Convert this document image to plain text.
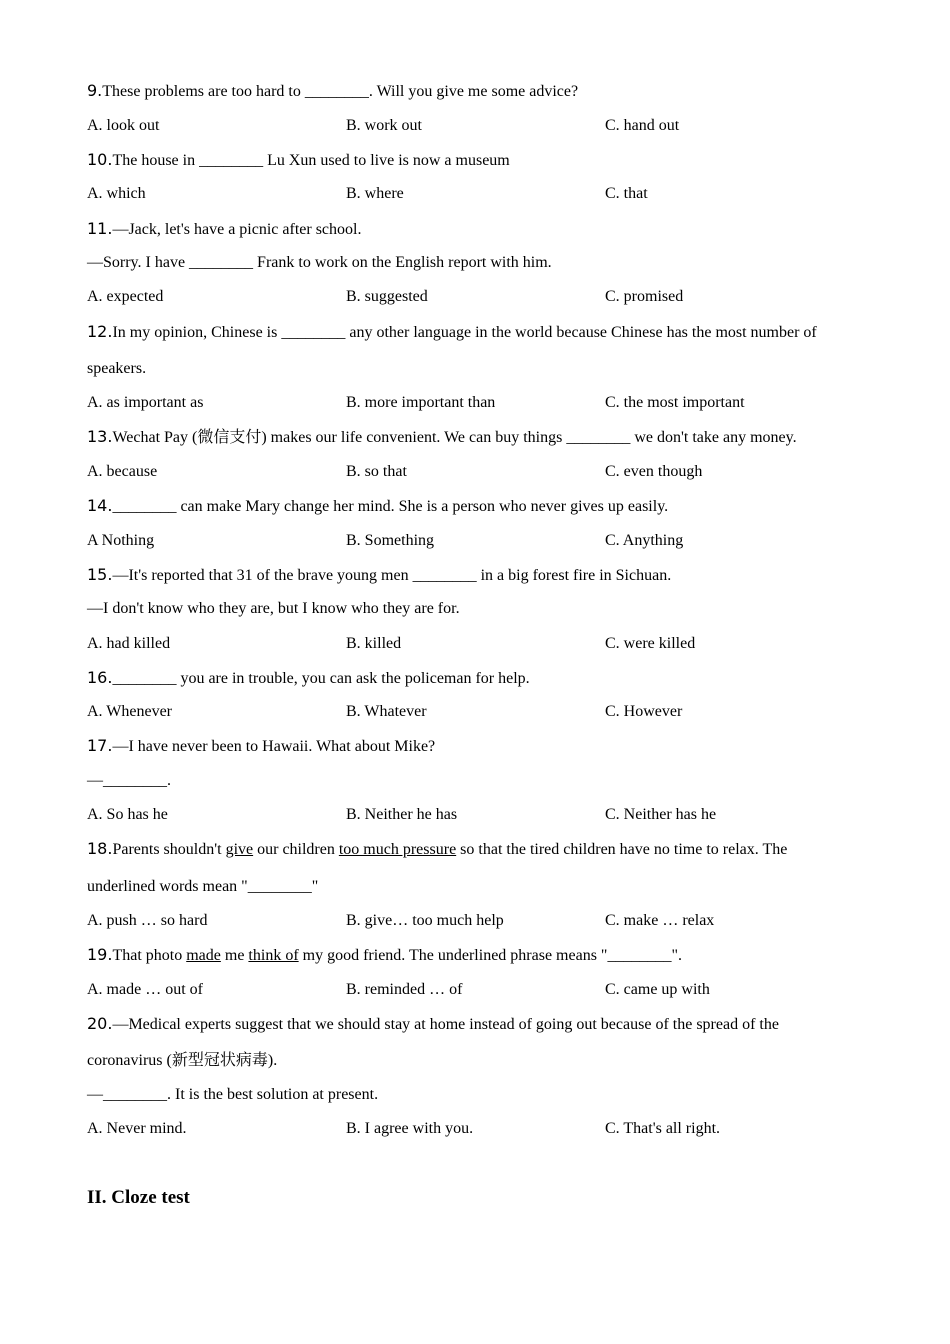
9.These problems are too hard to ________. Will you give me some advice?
A. look out	B. work out	C. hand out
10.The house in ________ Lu Xun used to live is now a museum
A. which	B. where	C. that
11.—Jack, let's have a picnic after school.
—Sorry. I have ________ Frank to work on the English report with him.
A. expected	B. suggested	C. promised
12.In my opinion, Chinese is ________ any other language in the world because Chinese has the most number of
speakers.
A. as important as	B. more important than	C. the most important
13.Wechat Pay (微信支付) makes our life convenient. We can buy things ________ we don't take any money.
A. because	B. so that	C. even though
14.________ can make Mary change her mind. She is a person who never gives up easily.
A Nothing	B. Something	C. Anything
15.—It's reported that 31 of the brave young men ________ in a big forest fire in Sichuan.
—I don't know who they are, but I know who they are for.
A. had killed	B. killed	C. were killed
16.________ you are in trouble, you can ask the policeman for help.
A. Whenever	B. Whatever	C. However
17.—I have never been to Hawaii. What about Mike?
—________.
A. So has he	B. Neither he has	C. Neither has he
18.Parents shouldn't give our children too much pressure so that the tired children have no time to relax. The
underlined words mean "________"
A. push … so hard	B. give… too much help	C. make … relax
19.That photo made me think of my good friend. The underlined phrase means "________".
A. made … out of	B. reminded … of	C. came up with
20.—Medical experts suggest that we should stay at home instead of going out because of the spread of the
coronavirus (新型冠状病毒).
—________. It is the best solution at present.
A. Never mind.	B. I agree with you.	C. That's all right.
II. Cloze test
